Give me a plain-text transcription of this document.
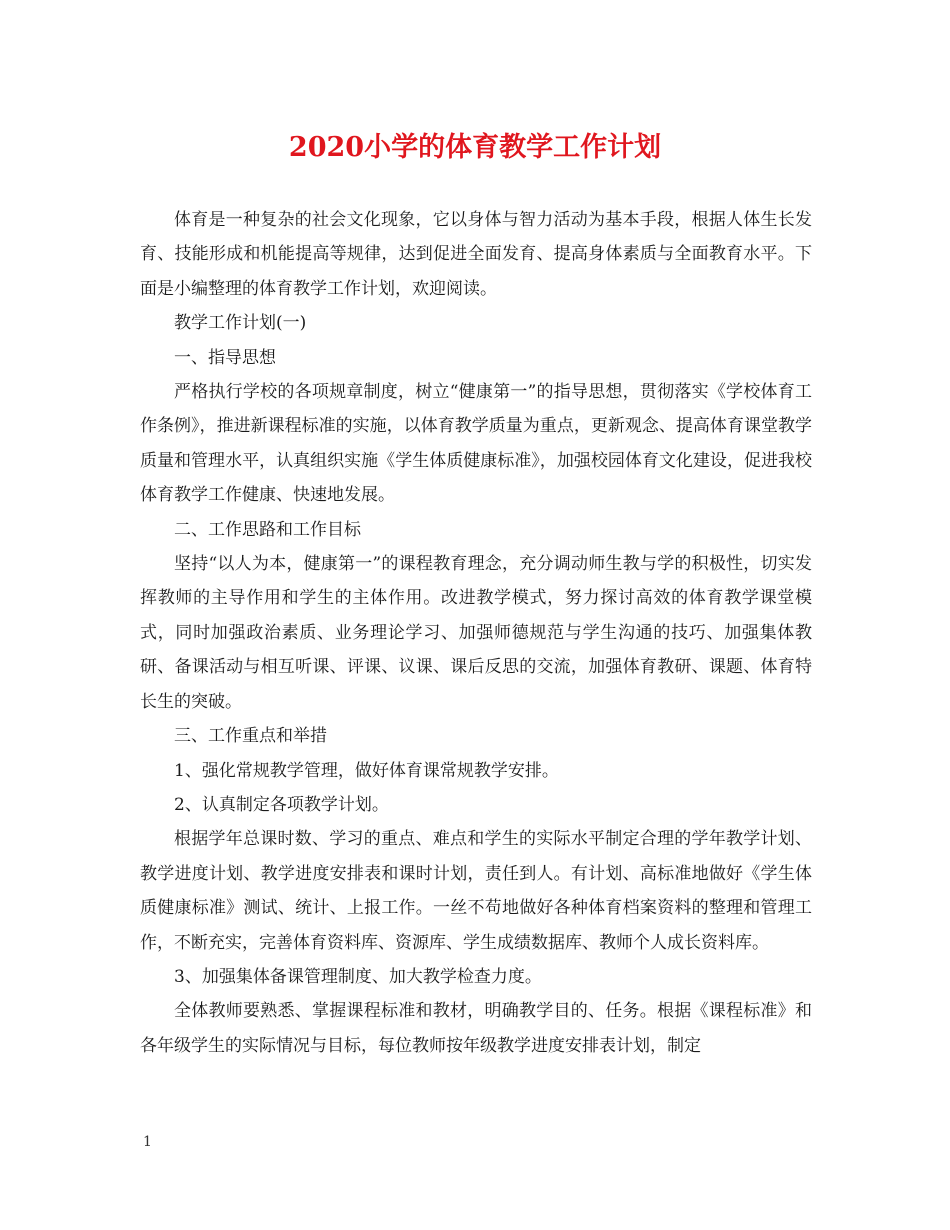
2020小学的体育教学工作计划

体育是一种复杂的社会文化现象，它以身体与智力活动为基本手段，根据人体生长发育、技能形成和机能提高等规律，达到促进全面发育、提高身体素质与全面教育水平。下面是小编整理的体育教学工作计划，欢迎阅读。

教学工作计划(一)

一、指导思想

严格执行学校的各项规章制度，树立“健康第一”的指导思想，贯彻落实《学校体育工作条例》，推进新课程标准的实施，以体育教学质量为重点，更新观念、提高体育课堂教学质量和管理水平，认真组织实施《学生体质健康标准》，加强校园体育文化建设，促进我校体育教学工作健康、快速地发展。

二、工作思路和工作目标

坚持“以人为本，健康第一”的课程教育理念，充分调动师生教与学的积极性，切实发挥教师的主导作用和学生的主体作用。改进教学模式，努力探讨高效的体育教学课堂模式，同时加强政治素质、业务理论学习、加强师德规范与学生沟通的技巧、加强集体教研、备课活动与相互听课、评课、议课、课后反思的交流，加强体育教研、课题、体育特长生的突破。

三、工作重点和举措

1、强化常规教学管理，做好体育课常规教学安排。

2、认真制定各项教学计划。

根据学年总课时数、学习的重点、难点和学生的实际水平制定合理的学年教学计划、教学进度计划、教学进度安排表和课时计划，责任到人。有计划、高标准地做好《学生体质健康标准》测试、统计、上报工作。一丝不苟地做好各种体育档案资料的整理和管理工作，不断充实，完善体育资料库、资源库、学生成绩数据库、教师个人成长资料库。

3、加强集体备课管理制度、加大教学检查力度。

全体教师要熟悉、掌握课程标准和教材，明确教学目的、任务。根据《课程标准》和各年级学生的实际情况与目标，每位教师按年级教学进度安排表计划，制定

1
